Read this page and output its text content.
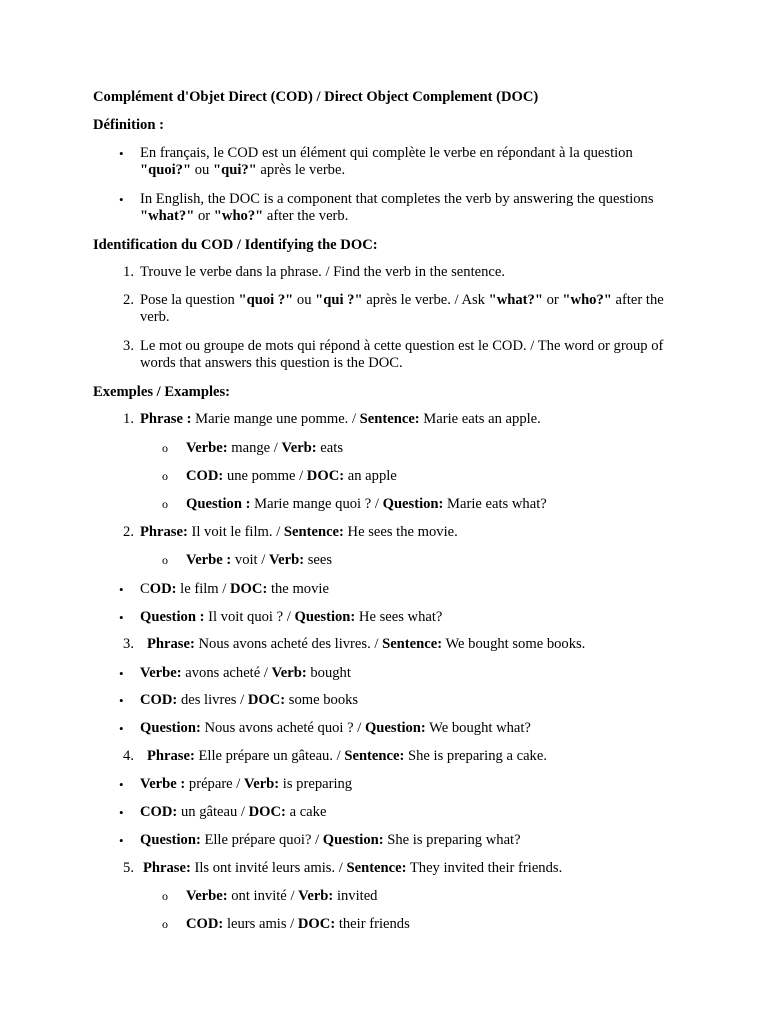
Complément d'Objet Direct (COD) / Direct Object Complement (DOC)
Définition :
• En français, le COD est un élément qui complète le verbe en répondant à la question "quoi?" ou "qui?" après le verbe.
• In English, the DOC is a component that completes the verb by answering the questions "what?" or "who?" after the verb.
Identification du COD / Identifying the DOC:
1. Trouve le verbe dans la phrase. / Find the verb in the sentence.
2. Pose la question "quoi ?" ou "qui ?" après le verbe. / Ask "what?" or "who?" after the verb.
3. Le mot ou groupe de mots qui répond à cette question est le COD. / The word or group of words that answers this question is the DOC.
Exemples / Examples:
1. Phrase : Marie mange une pomme. / Sentence: Marie eats an apple.
o Verbe: mange / Verb: eats
o COD: une pomme / DOC: an apple
o Question : Marie mange quoi ? / Question: Marie eats what?
2. Phrase: Il voit le film. / Sentence: He sees the movie.
o Verbe : voit / Verb: sees
• COD: le film / DOC: the movie
• Question : Il voit quoi ? / Question: He sees what?
3. Phrase: Nous avons acheté des livres. / Sentence: We bought some books.
• Verbe: avons acheté / Verb: bought
• COD: des livres / DOC: some books
• Question: Nous avons acheté quoi ? / Question: We bought what?
4. Phrase: Elle prépare un gâteau. / Sentence: She is preparing a cake.
• Verbe : prépare / Verb: is preparing
• COD: un gâteau / DOC: a cake
• Question: Elle prépare quoi? / Question: She is preparing what?
5. Phrase: Ils ont invité leurs amis. / Sentence: They invited their friends.
o Verbe: ont invité / Verb: invited
o COD: leurs amis / DOC: their friends
